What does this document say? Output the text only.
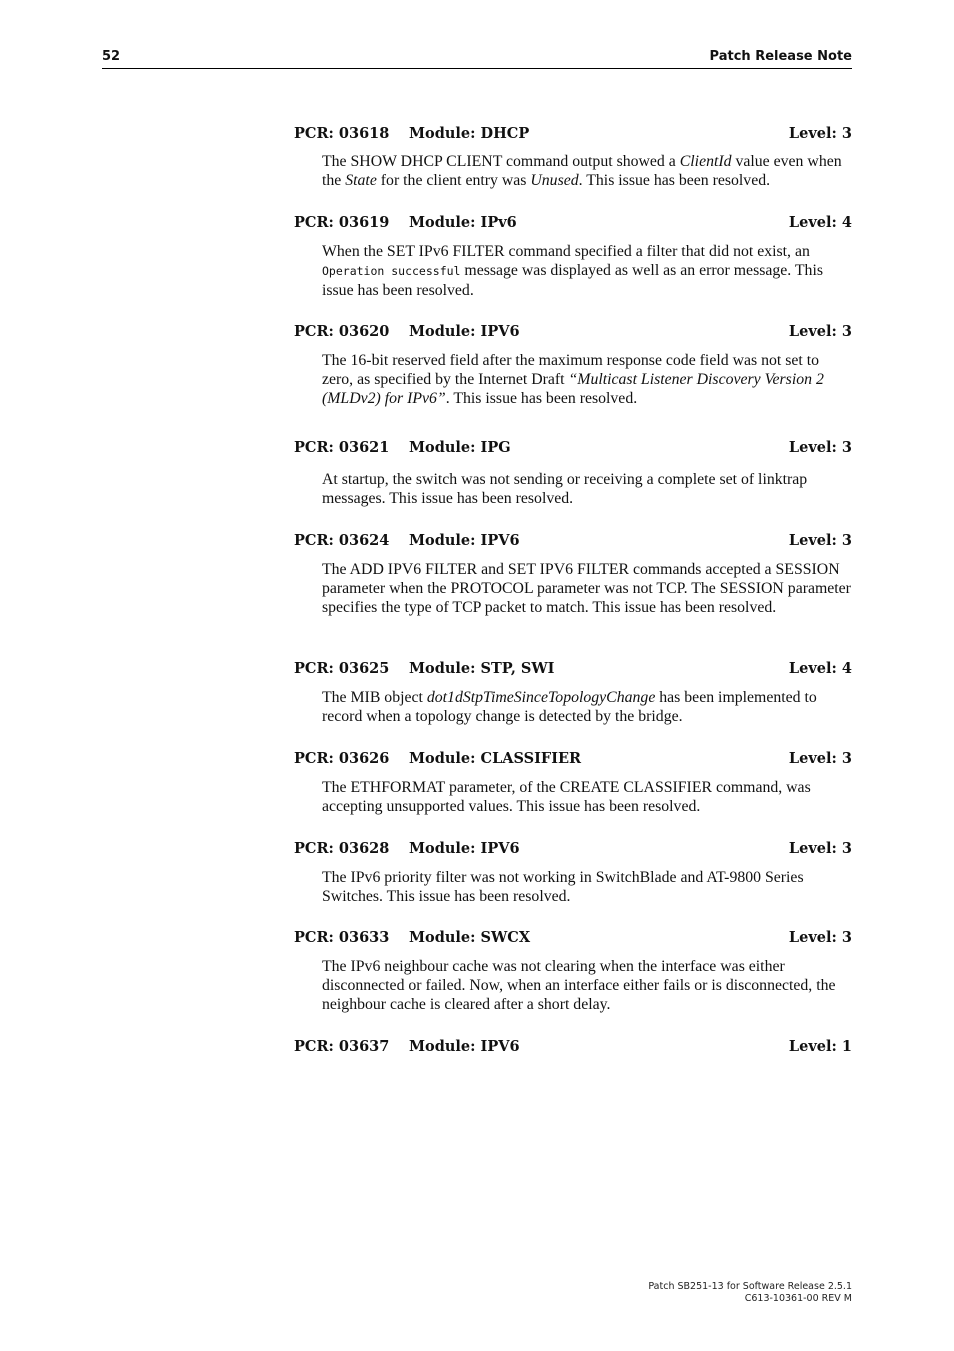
52	Patch Release Note
PCR: 03618 Module: DHCP	Level: 3
The SHOW DHCP CLIENT command output showed a ClientId value even when the State for the client entry was Unused. This issue has been resolved.
PCR: 03619 Module: IPv6	Level: 4
When the SET IPv6 FILTER command specified a filter that did not exist, an Operation successful message was displayed as well as an error message. This issue has been resolved.
PCR: 03620 Module: IPV6	Level: 3
The 16-bit reserved field after the maximum response code field was not set to zero, as specified by the Internet Draft “Multicast Listener Discovery Version 2 (MLDv2) for IPv6”. This issue has been resolved.
PCR: 03621 Module: IPG	Level: 3
At startup, the switch was not sending or receiving a complete set of linktrap messages. This issue has been resolved.
PCR: 03624 Module: IPV6	Level: 3
The ADD IPV6 FILTER and SET IPV6 FILTER commands accepted a SESSION parameter when the PROTOCOL parameter was not TCP. The SESSION parameter specifies the type of TCP packet to match. This issue has been resolved.
PCR: 03625 Module: STP, SWI	Level: 4
The MIB object dot1dStpTimeSinceTopologyChange has been implemented to record when a topology change is detected by the bridge.
PCR: 03626 Module: CLASSIFIER	Level: 3
The ETHFORMAT parameter, of the CREATE CLASSIFIER command, was accepting unsupported values. This issue has been resolved.
PCR: 03628 Module: IPV6	Level: 3
The IPv6 priority filter was not working in SwitchBlade and AT-9800 Series Switches. This issue has been resolved.
PCR: 03633 Module: SWCX	Level: 3
The IPv6 neighbour cache was not clearing when the interface was either disconnected or failed. Now, when an interface either fails or is disconnected, the neighbour cache is cleared after a short delay.
PCR: 03637 Module: IPV6	Level: 1
Patch SB251-13 for Software Release 2.5.1
C613-10361-00 REV M
